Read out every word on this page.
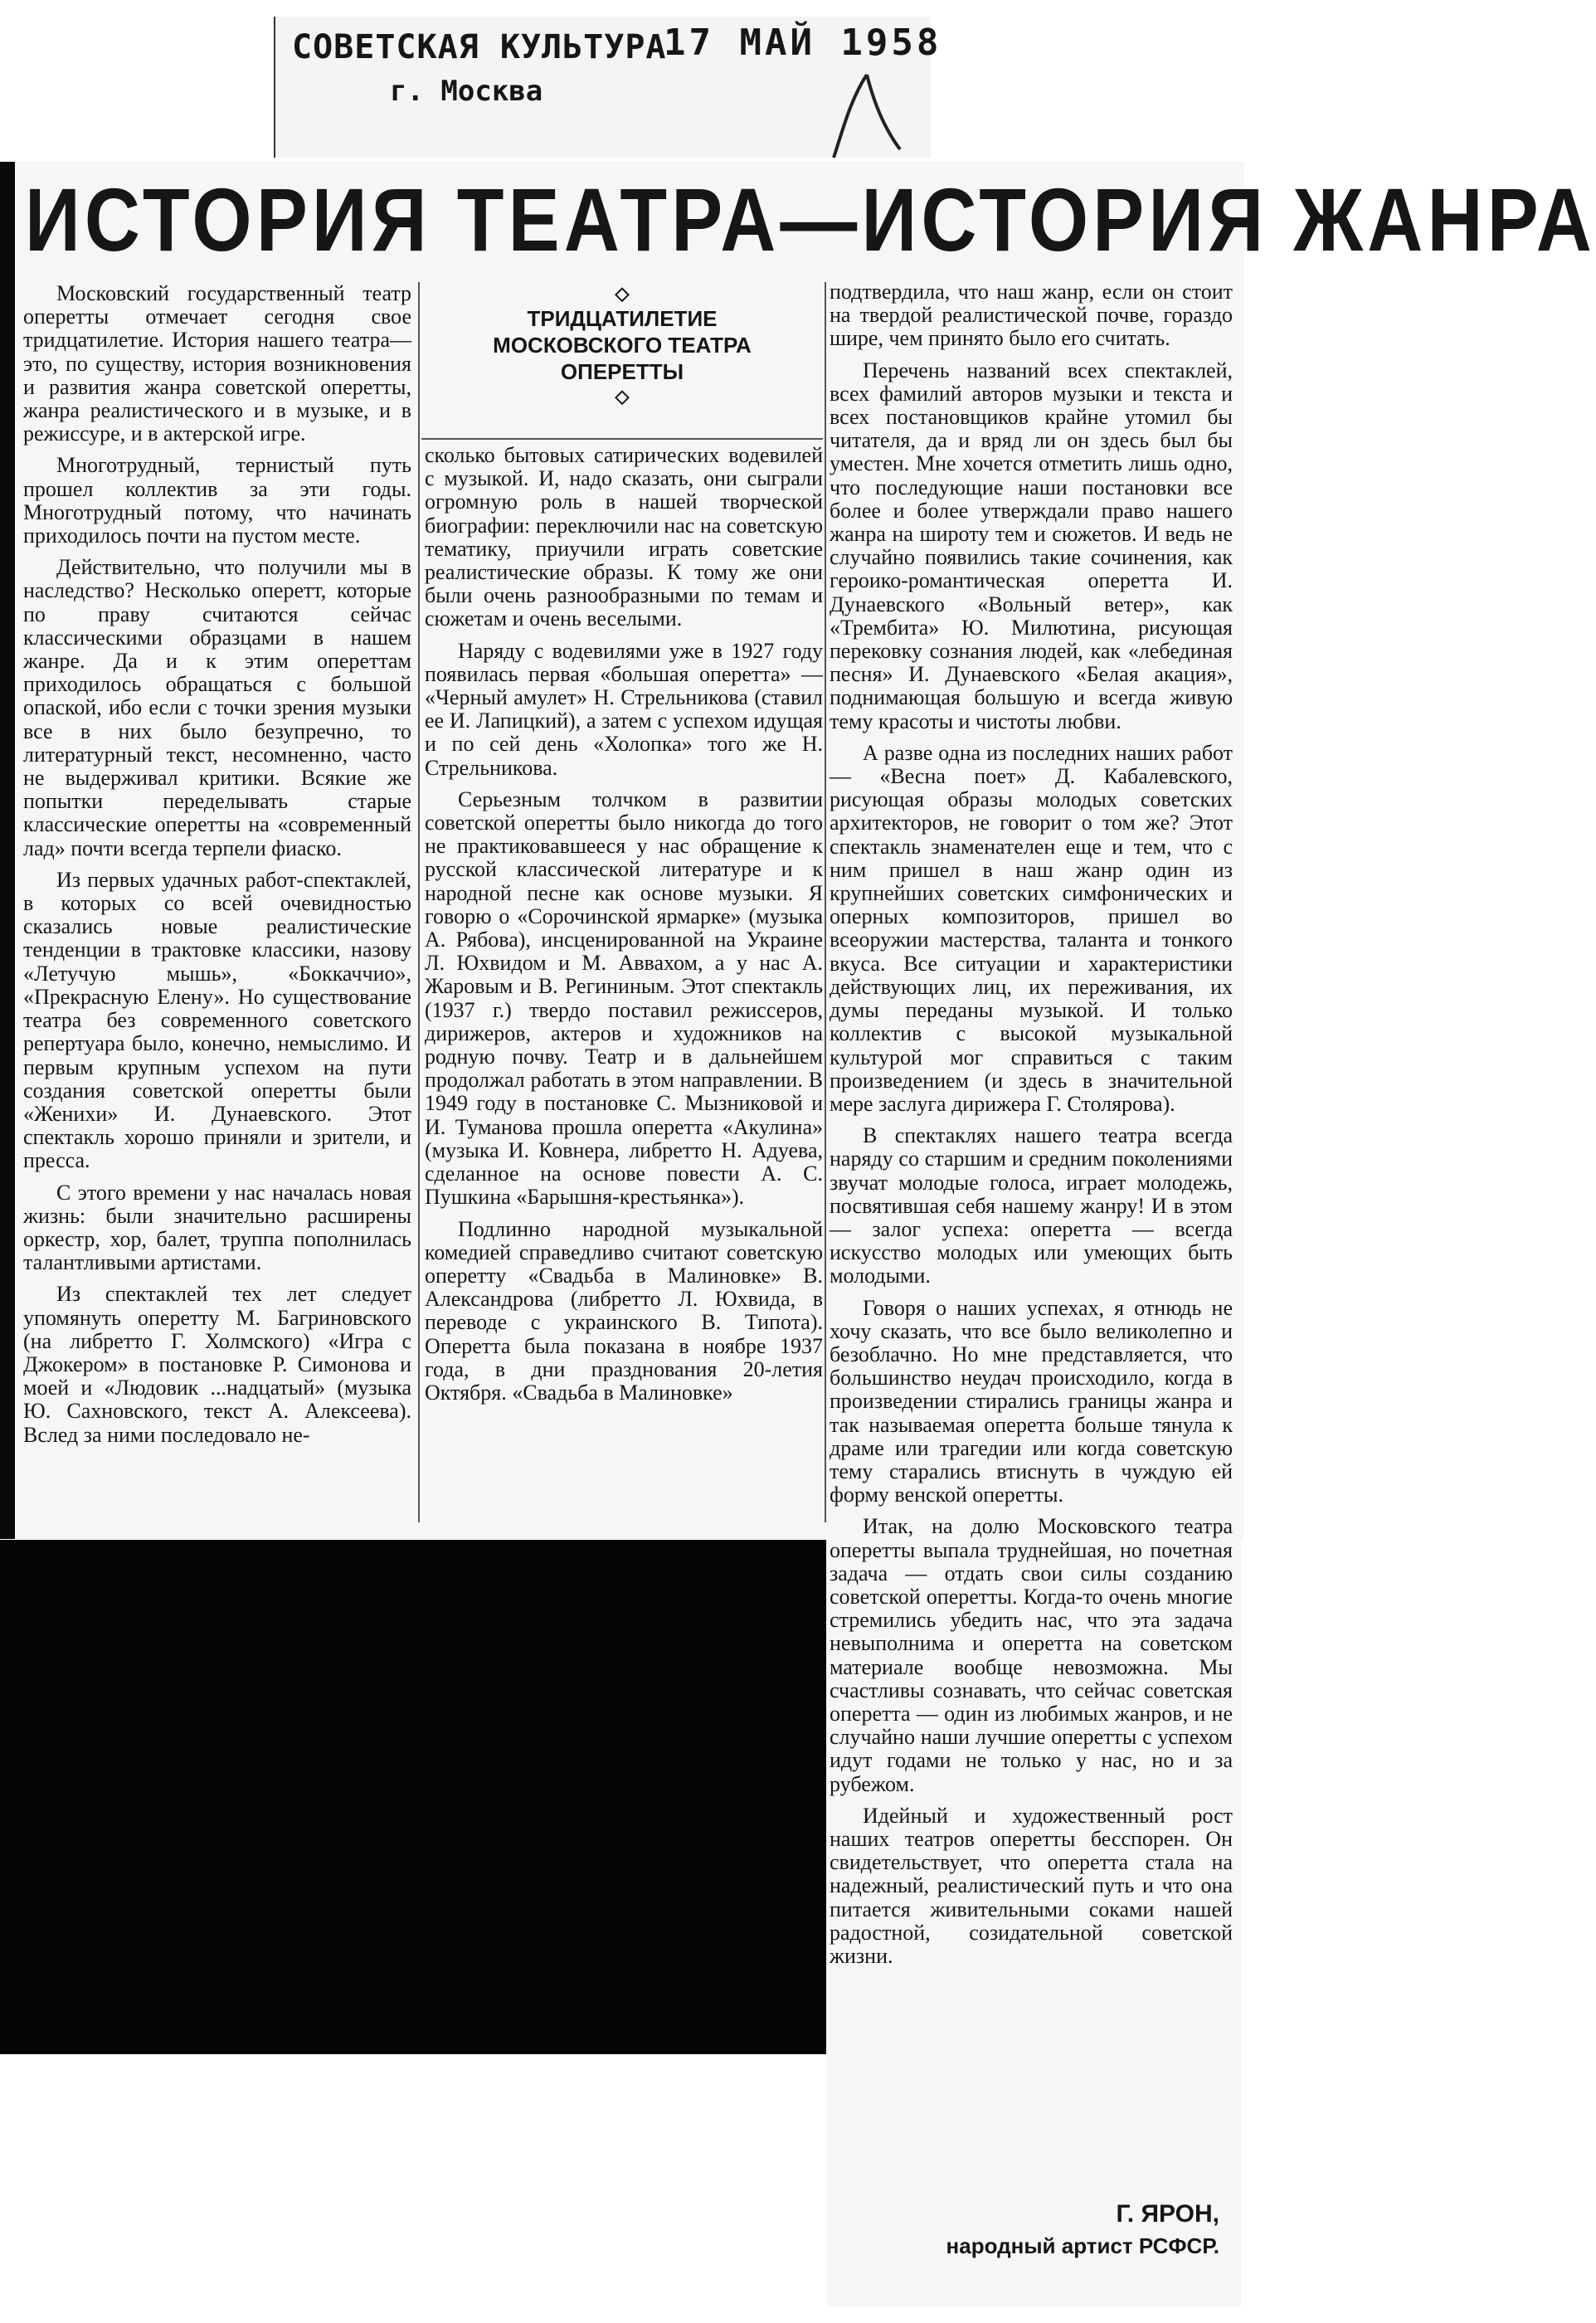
СОВЕТСКАЯ КУЛЬТУРА
г. Москва
17 МАЙ 1958
ИСТОРИЯ ТЕАТРА—ИСТОРИЯ ЖАНРА
◇
ТРИДЦАТИЛЕТИЕ
МОСКОВСКОГО ТЕАТРА
ОПЕРЕТТЫ
◇

Московский государственный театр оперетты отмечает сегодня свое тридцатилетие. История нашего театра—это, по существу, история возникновения и развития жанра советской оперетты, жанра реалистического и в музыке, и в режиссуре, и в актерской игре.

Многотрудный, тернистый путь прошел коллектив за эти годы. Многотрудный потому, что начинать приходилось почти на пустом месте.

Действительно, что получили мы в наследство? Несколько оперетт, которые по праву считаются сейчас классическими образцами в нашем жанре. Да и к этим опереттам приходилось обращаться с большой опаской, ибо если с точки зрения музыки все в них было безупречно, то литературный текст, несомненно, часто не выдерживал критики. Всякие же попытки переделывать старые классические оперетты на «современный лад» почти всегда терпели фиаско.

Из первых удачных работ-спектаклей, в которых со всей очевидностью сказались новые реалистические тенденции в трактовке классики, назову «Летучую мышь», «Боккаччио», «Прекрасную Елену». Но существование театра без современного советского репертуара было, конечно, немыслимо. И первым крупным успехом на пути создания советской оперетты были «Женихи» И. Дунаевского. Этот спектакль хорошо приняли и зрители, и пресса.

С этого времени у нас началась новая жизнь: были значительно расширены оркестр, хор, балет, труппа пополнилась талантливыми артистами.

Из спектаклей тех лет следует упомянуть оперетту М. Багриновского (на либретто Г. Холмского) «Игра с Джокером» в постановке Р. Симонова и моей и «Людовик ...надцатый» (музыка Ю. Сахновского, текст А. Алексеева). Вслед за ними последовало не-

сколько бытовых сатирических водевилей с музыкой. И, надо сказать, они сыграли огромную роль в нашей творческой биографии: переключили нас на советскую тематику, приучили играть советские реалистические образы. К тому же они были очень разнообразными по темам и сюжетам и очень веселыми.

Наряду с водевилями уже в 1927 году появилась первая «большая оперетта» — «Черный амулет» Н. Стрельникова (ставил ее И. Лапицкий), а затем с успехом идущая и по сей день «Холопка» того же Н. Стрельникова.

Серьезным толчком в развитии советской оперетты было никогда до того не практиковавшееся у нас обращение к русской классической литературе и к народной песне как основе музыки. Я говорю о «Сорочинской ярмарке» (музыка А. Рябова), инсценированной на Украине Л. Юхвидом и М. Аввахом, а у нас А. Жаровым и В. Регининым. Этот спектакль (1937 г.) твердо поставил режиссеров, дирижеров, актеров и художников на родную почву. Театр и в дальнейшем продолжал работать в этом направлении. В 1949 году в постановке С. Мызниковой и И. Туманова прошла оперетта «Акулина» (музыка И. Ковнера, либретто Н. Адуева, сделанное на основе повести А. С. Пушкина «Барышня-крестьянка»).

Подлинно народной музыкальной комедией справедливо считают советскую оперетту «Свадьба в Малиновке» В. Александрова (либретто Л. Юхвида, в переводе с украинского В. Типота). Оперетта была показана в ноябре 1937 года, в дни празднования 20-летия Октября. «Свадьба в Малиновке»

подтвердила, что наш жанр, если он стоит на твердой реалистической почве, гораздо шире, чем принято было его считать.

Перечень названий всех спектаклей, всех фамилий авторов музыки и текста и всех постановщиков крайне утомил бы читателя, да и вряд ли он здесь был бы уместен. Мне хочется отметить лишь одно, что последующие наши постановки все более и более утверждали право нашего жанра на широту тем и сюжетов. И ведь не случайно появились такие сочинения, как героико-романтическая оперетта И. Дунаевского «Вольный ветер», как «Трембита» Ю. Милютина, рисующая перековку сознания людей, как «лебединая песня» И. Дунаевского «Белая акация», поднимающая большую и всегда живую тему красоты и чистоты любви.

А разве одна из последних наших работ — «Весна поет» Д. Кабалевского, рисующая образы молодых советских архитекторов, не говорит о том же? Этот спектакль знаменателен еще и тем, что с ним пришел в наш жанр один из крупнейших советских симфонических и оперных композиторов, пришел во всеоружии мастерства, таланта и тонкого вкуса. Все ситуации и характеристики действующих лиц, их переживания, их думы переданы музыкой. И только коллектив с высокой музыкальной культурой мог справиться с таким произведением (и здесь в значительной мере заслуга дирижера Г. Столярова).

В спектаклях нашего театра всегда наряду со старшим и средним поколениями звучат молодые голоса, играет молодежь, посвятившая себя нашему жанру! И в этом — залог успеха: оперетта — всегда искусство молодых или умеющих быть молодыми.

Говоря о наших успехах, я отнюдь не хочу сказать, что все было великолепно и безоблачно. Но мне представляется, что большинство неудач происходило, когда в произведении стирались границы жанра и так называемая оперетта больше тянула к драме или трагедии или когда советскую тему старались втиснуть в чуждую ей форму венской оперетты.

Итак, на долю Московского театра оперетты выпала труднейшая, но почетная задача — отдать свои силы созданию советской оперетты. Когда-то очень многие стремились убедить нас, что эта задача невыполнима и оперетта на советском материале вообще невозможна. Мы счастливы сознавать, что сейчас советская оперетта — один из любимых жанров, и не случайно наши лучшие оперетты с успехом идут годами не только у нас, но и за рубежом.

Идейный и художественный рост наших театров оперетты бесспорен. Он свидетельствует, что оперетта стала на надежный, реалистический путь и что она питается живительными соками нашей радостной, созидательной советской жизни.

Г. ЯРОН,
народный артист РСФСР.
